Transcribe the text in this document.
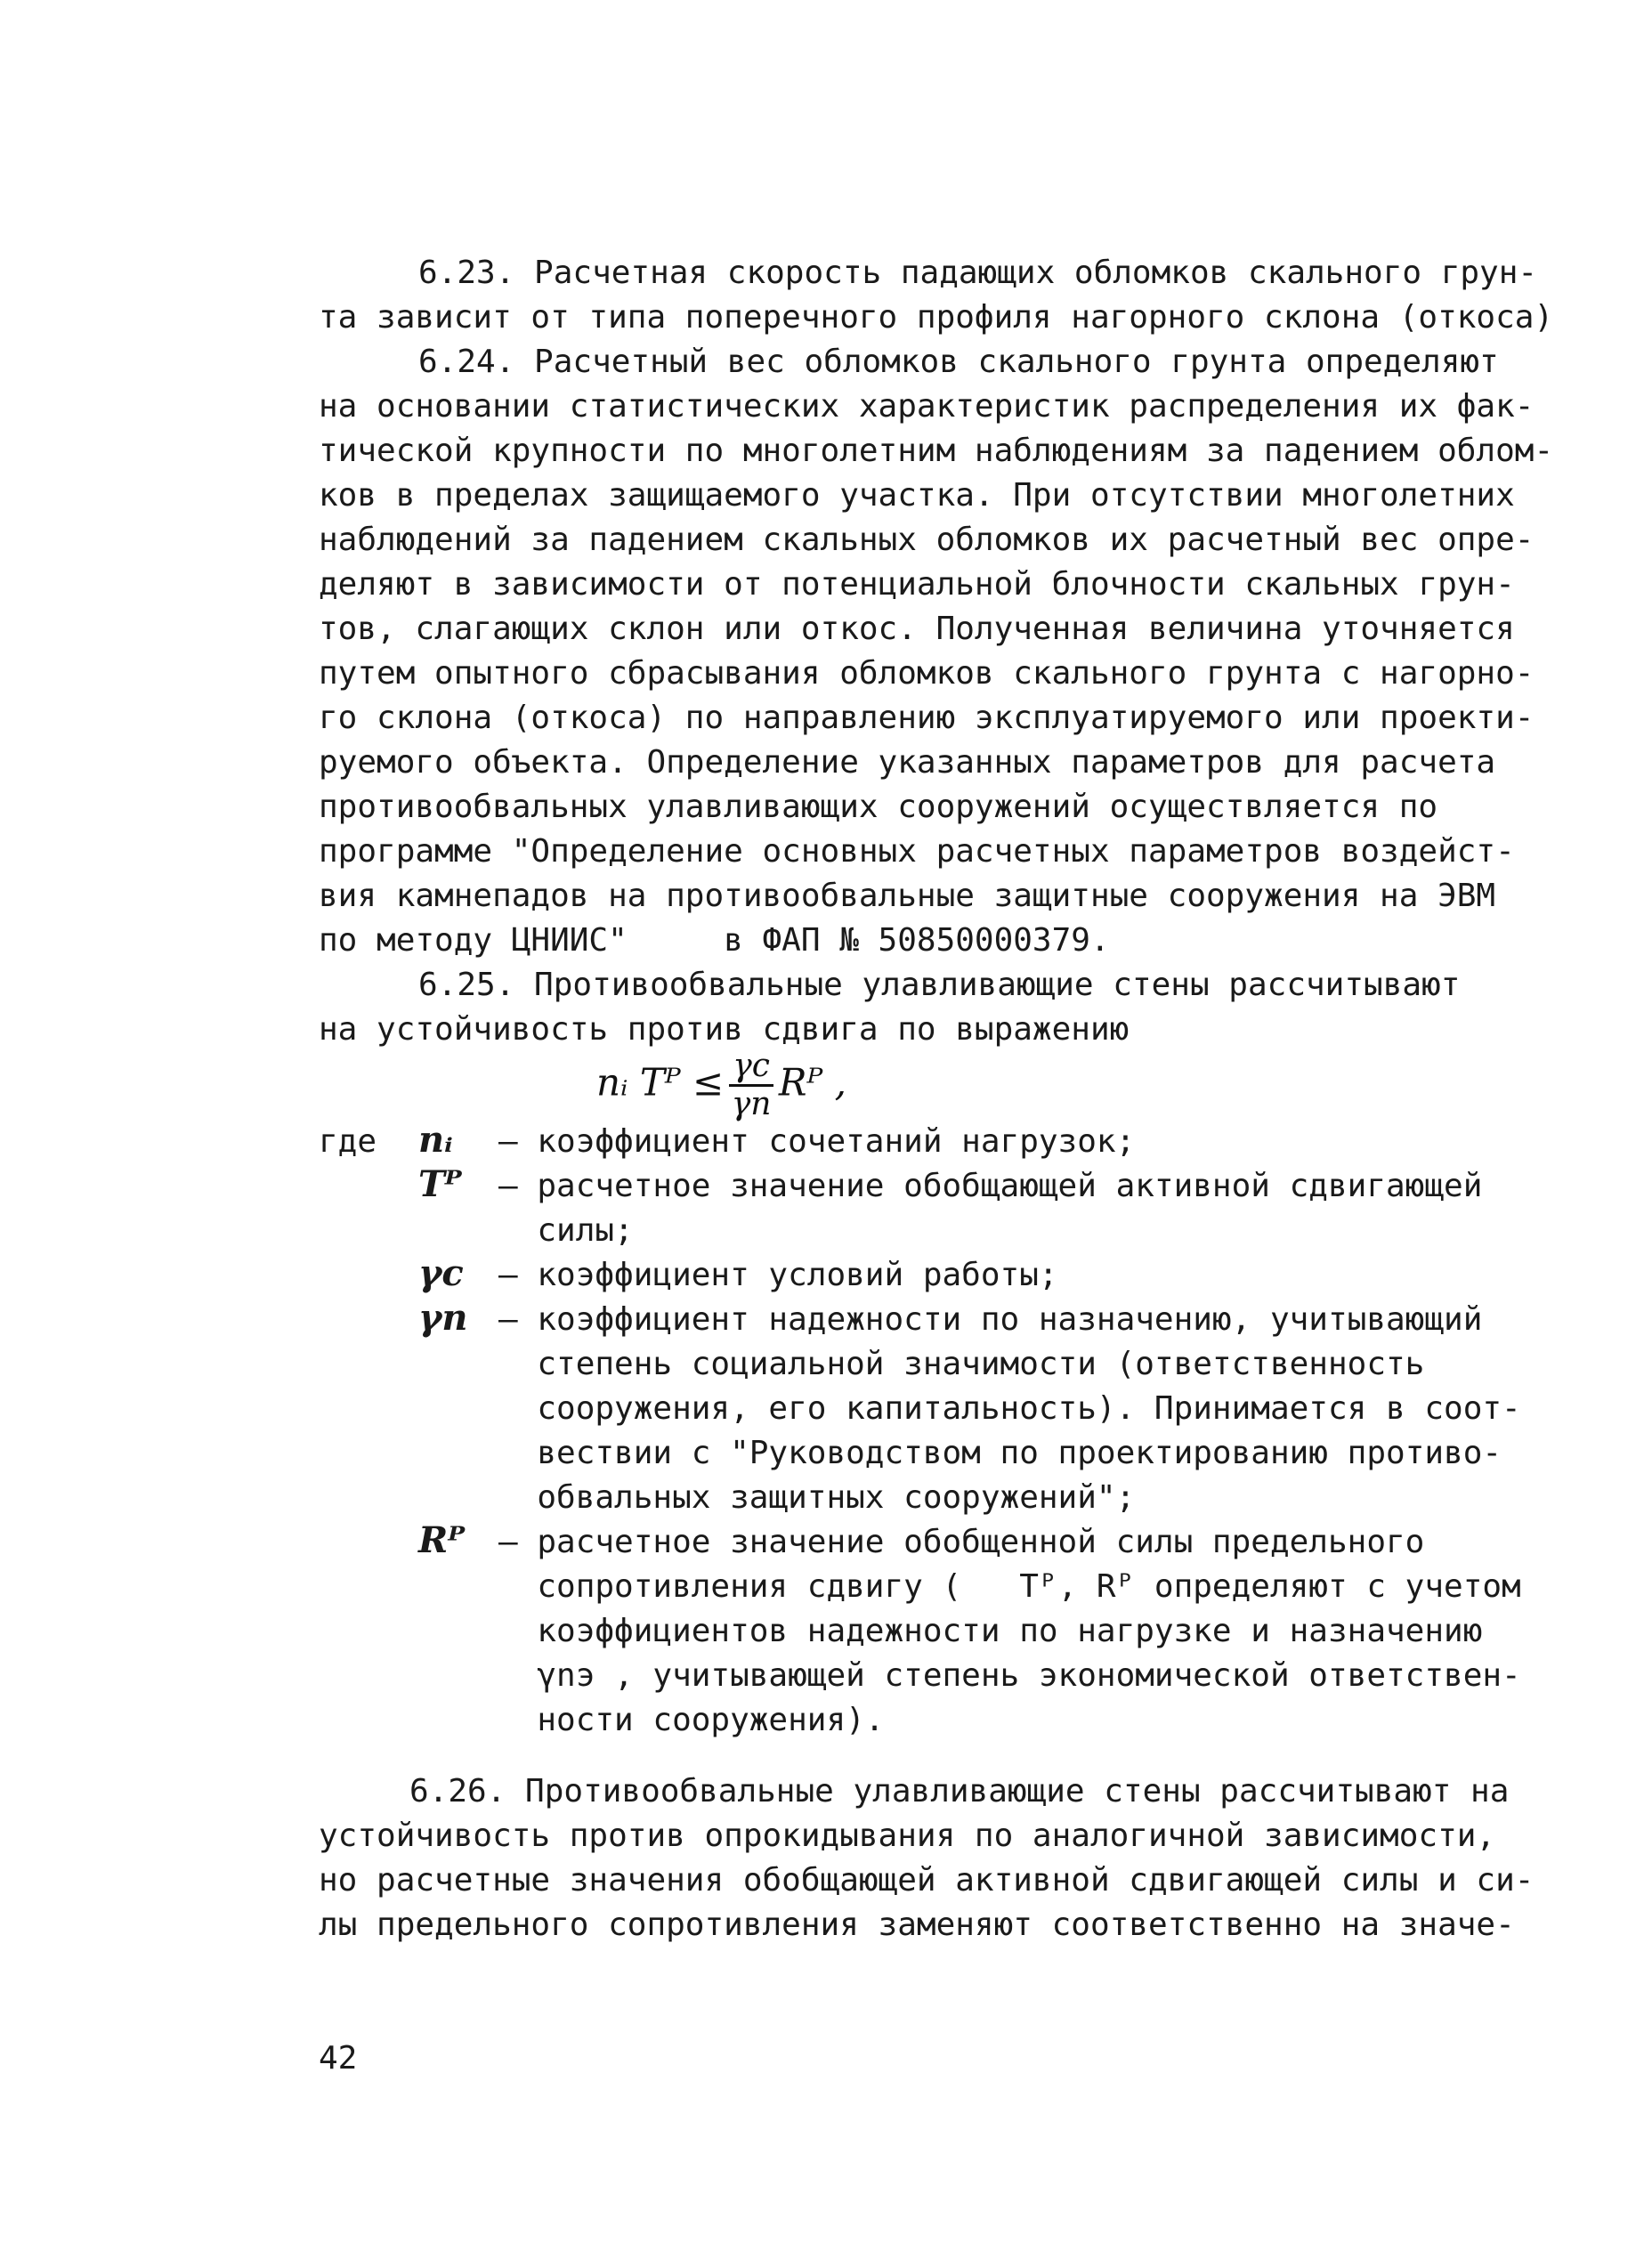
6.23. Расчетная скорость падающих обломков скального грун-
та зависит от типа поперечного профиля нагорного склона (откоса)
6.24. Расчетный вес обломков скального грунта определяют
на основании статистических характеристик распределения их фак-
тической крупности по многолетним наблюдениям за падением облом-
ков в пределах защищаемого участка. При отсутствии многолетних
наблюдений за падением скальных обломков их расчетный вес опре-
деляют в зависимости от потенциальной блочности скальных грун-
тов, слагающих склон или откос. Полученная величина уточняется
путем опытного сбрасывания обломков скального грунта с нагорно-
го склона (откоса) по направлению эксплуатируемого или проекти-
руемого объекта. Определение указанных параметров для расчета
противообвальных улавливающих сооружений осуществляется по
программе "Определение основных расчетных параметров воздейст-
вия камнепадов на противообвальные защитные сооружения на ЭВМ
по методу ЦНИИС"     в ФАП № 50850000379.
6.25. Противообвальные улавливающие стены рассчитывают
на устойчивость против сдвига по выражению
nᵢ Tᴾ ≤ $\frac{\gamma c}{\gamma n}$ Rᴾ ,
где nᵢ – коэффициент сочетаний нагрузок;
Tᴾ – расчетное значение обобщающей активной сдвигающей
силы;
γc – коэффициент условий работы;
γn – коэффициент надежности по назначению, учитывающий
степень социальной значимости (ответственность
сооружения, его капитальность). Принимается в соот-
вествии с "Руководством по проектированию противо-
обвальных защитных сооружений";
Rᴾ – расчетное значение обобщенной силы предельного
сопротивления сдвигу (   Tᴾ, Rᴾ определяют с учетом
коэффициентов надежности по нагрузке и назначению
γnэ , учитывающей степень экономической ответствен-
ности сооружения).
6.26. Противообвальные улавливающие стены рассчитывают на
устойчивость против опрокидывания по аналогичной зависимости,
но расчетные значения обобщающей активной сдвигающей силы и си-
лы предельного сопротивления заменяют соответственно на значе-
42
